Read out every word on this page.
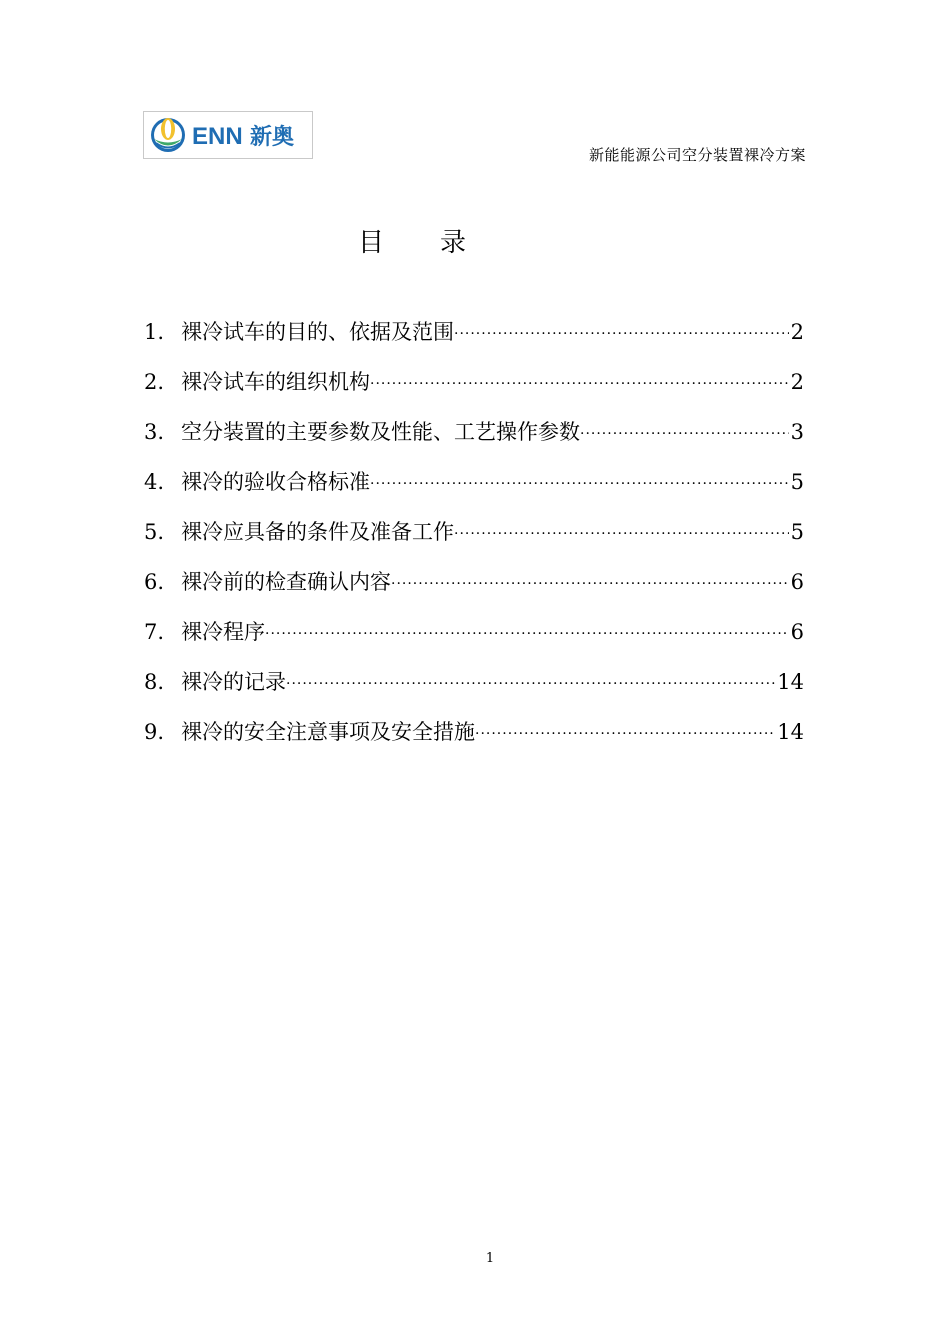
ENN 新奥
新能能源公司空分装置裸冷方案
目录
1. 裸冷试车的目的、依据及范围 ·····	2
2. 裸冷试车的组织机构 ·····	2
3. 空分装置的主要参数及性能、工艺操作参数 ·····	3
4. 裸冷的验收合格标准 ·····	5
5. 裸冷应具备的条件及准备工作 ·····	5
6. 裸冷前的检查确认内容 ·····	6
7. 裸冷程序 ·····	6
8. 裸冷的记录 ·····	14
9. 裸冷的安全注意事项及安全措施 ·····	14
1
